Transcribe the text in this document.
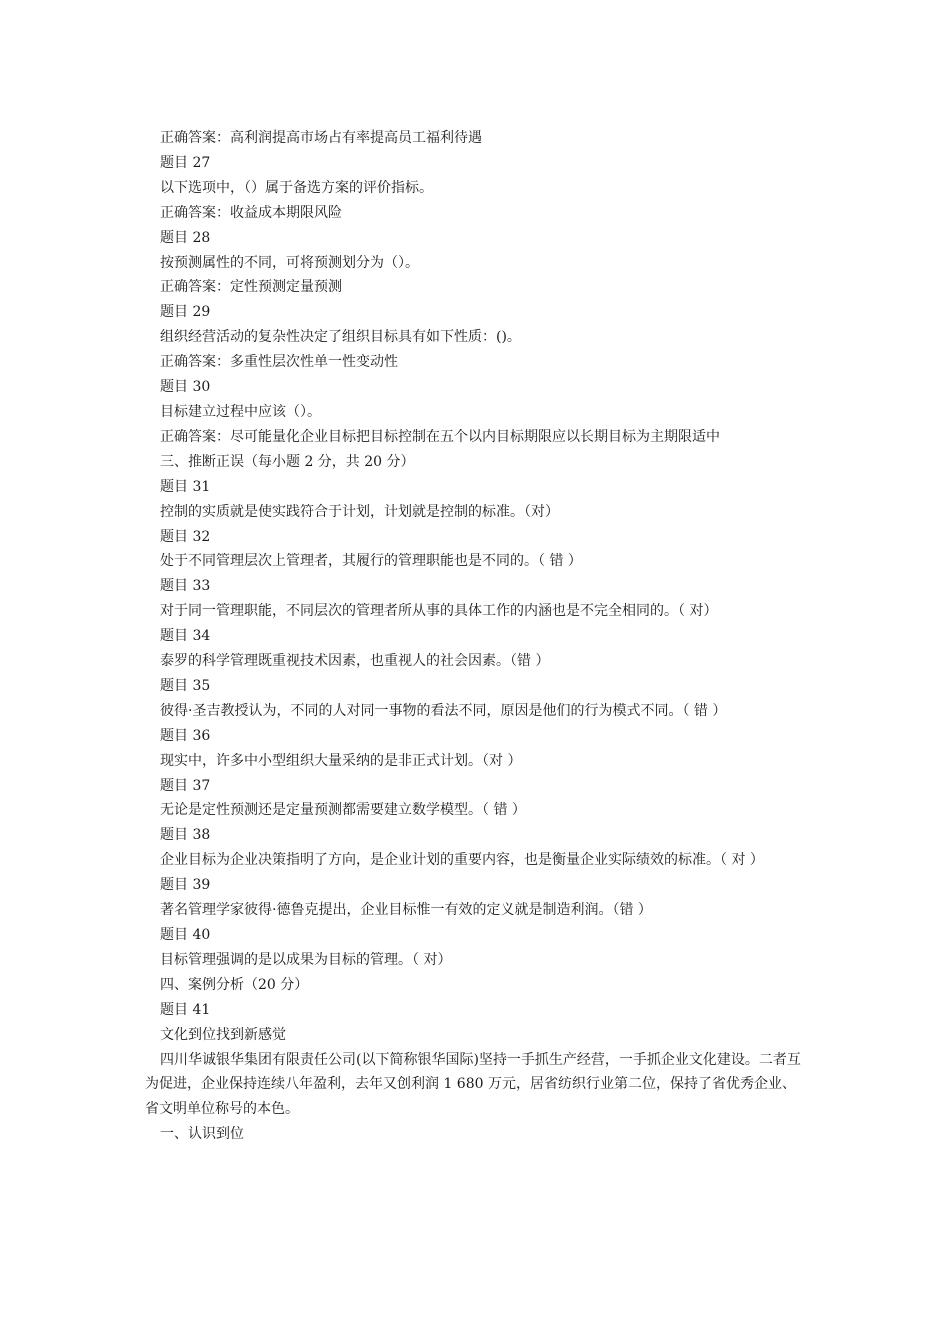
正确答案：高利润提高市场占有率提高员工福利待遇

题目 27

以下选项中，（）属于备选方案的评价指标。

正确答案：收益成本期限风险

题目 28

按预测属性的不同，可将预测划分为（）。

正确答案：定性预测定量预测

题目 29

组织经营活动的复杂性决定了组织目标具有如下性质：()。

正确答案：多重性层次性单一性变动性

题目 30

目标建立过程中应该（）。

正确答案：尽可能量化企业目标把目标控制在五个以内目标期限应以长期目标为主期限适中

三、推断正误（每小题 2 分，共 20 分）

题目 31

控制的实质就是使实践符合于计划，计划就是控制的标准。（对）

题目 32

处于不同管理层次上管理者，其履行的管理职能也是不同的。（ 错 ）

题目 33

对于同一管理职能，不同层次的管理者所从事的具体工作的内涵也是不完全相同的。（ 对）

题目 34

泰罗的科学管理既重视技术因素，也重视人的社会因素。（错 ）

题目 35

彼得·圣吉教授认为，不同的人对同一事物的看法不同，原因是他们的行为模式不同。（ 错 ）

题目 36

现实中，许多中小型组织大量采纳的是非正式计划。（对 ）

题目 37

无论是定性预测还是定量预测都需要建立数学模型。（ 错 ）

题目 38

企业目标为企业决策指明了方向，是企业计划的重要内容，也是衡量企业实际绩效的标准。（ 对 ）

题目 39

著名管理学家彼得·德鲁克提出，企业目标惟一有效的定义就是制造利润。（错 ）

题目 40

目标管理强调的是以成果为目标的管理。（ 对）

四、案例分析（20 分）

题目 41

文化到位找到新感觉

四川华诚银华集团有限责任公司(以下简称银华国际)坚持一手抓生产经营，一手抓企业文化建设。二者互为促进，企业保持连续八年盈利，去年又创利润 1 680 万元，居省纺织行业第二位，保持了省优秀企业、省文明单位称号的本色。

一、认识到位
